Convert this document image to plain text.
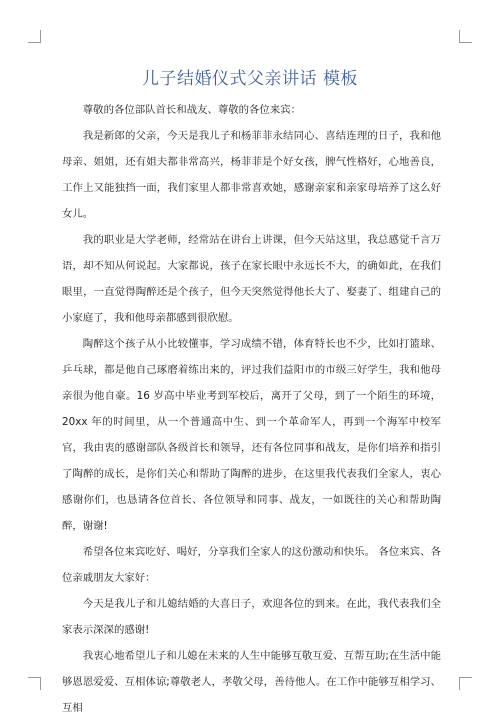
儿子结婚仪式父亲讲话 模板

尊敬的各位部队首长和战友、尊敬的各位来宾：

我是新郎的父亲，今天是我儿子和杨菲菲永结同心、喜结连理的日子，我和他母亲、姐姐，还有姐夫都非常高兴，杨菲菲是个好女孩，脾气性格好，心地善良，工作上又能独挡一面，我们家里人都非常喜欢她，感谢亲家和亲家母培养了这么好女儿。

我的职业是大学老师，经常站在讲台上讲课，但今天站这里，我总感觉千言万语，却不知从何说起。大家都说，孩子在家长眼中永远长不大，的确如此，在我们眼里，一直觉得陶醉还是个孩子，但今天突然觉得他长大了、娶妻了、组建自己的小家庭了，我和他母亲都感到很欣慰。

陶醉这个孩子从小比较懂事，学习成绩不错，体育特长也不少，比如打篮球、乒乓球，都是他自己琢磨着练出来的，评过我们益阳市的市级三好学生，我和他母亲很为他自豪。16 岁高中毕业考到军校后，离开了父母，到了一个陌生的环境，20xx 年的时间里，从一个普通高中生、到一个革命军人，再到一个海军中校军官，我由衷的感谢部队各级首长和领导，还有各位同事和战友，是你们培养和指引了陶醉的成长，是你们关心和帮助了陶醉的进步，在这里我代表我们全家人，衷心感谢你们，也恳请各位首长、各位领导和同事、战友，一如既往的关心和帮助陶醉，谢谢!

希望各位来宾吃好、喝好，分享我们全家人的这份激动和快乐。 各位来宾、各位亲戚朋友大家好：

今天是我儿子和儿媳结婚的大喜日子，欢迎各位的到来。在此，我代表我们全家表示深深的感谢!

我衷心地希望儿子和儿媳在未来的人生中能够互敬互爱、互帮互助;在生活中能够恩恩爱爱、互相体谅;尊敬老人，孝敬父母，善待他人。在工作中能够互相学习、互相
